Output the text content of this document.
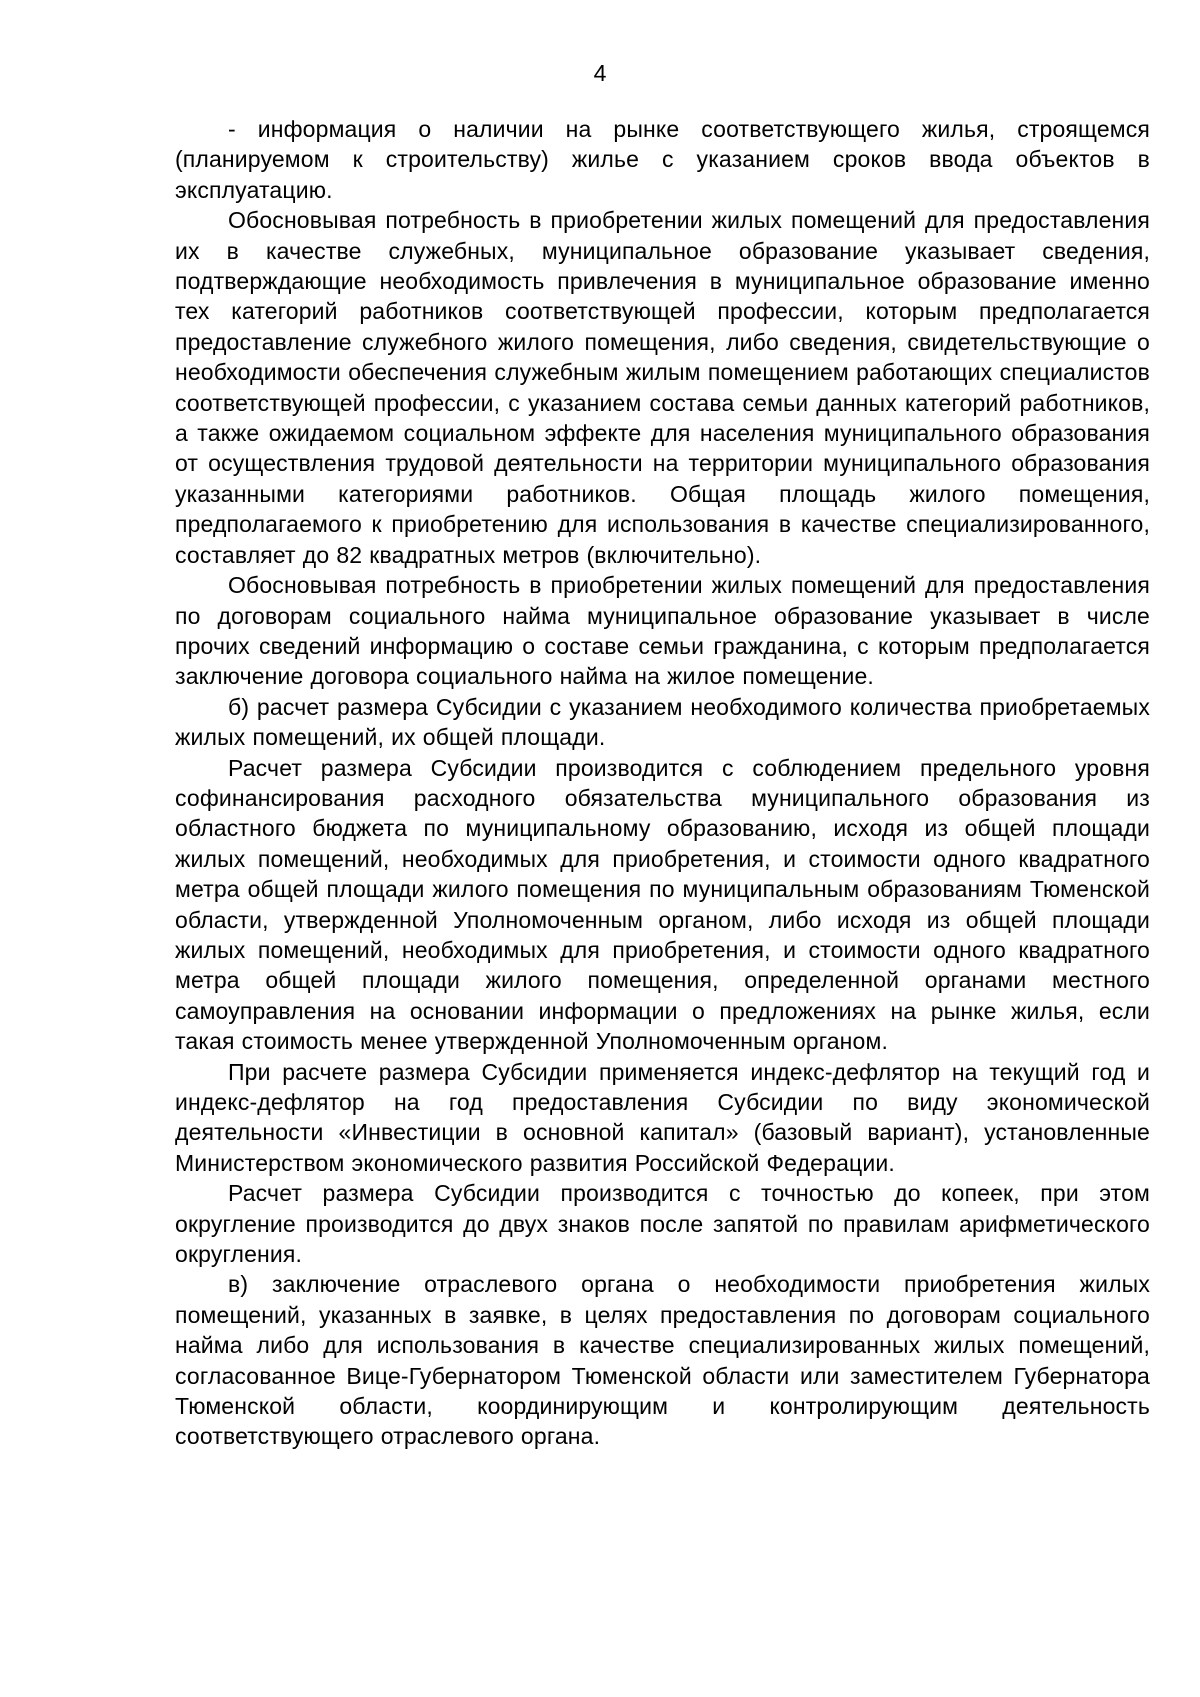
4

- информация о наличии на рынке соответствующего жилья, строящемся (планируемом к строительству) жилье с указанием сроков ввода объектов в эксплуатацию.

Обосновывая потребность в приобретении жилых помещений для предоставления их в качестве служебных, муниципальное образование указывает сведения, подтверждающие необходимость привлечения в муниципальное образование именно тех категорий работников соответствующей профессии, которым предполагается предоставление служебного жилого помещения, либо сведения, свидетельствующие о необходимости обеспечения служебным жилым помещением работающих специалистов соответствующей профессии, с указанием состава семьи данных категорий работников, а также ожидаемом социальном эффекте для населения муниципального образования от осуществления трудовой деятельности на территории муниципального образования указанными категориями работников. Общая площадь жилого помещения, предполагаемого к приобретению для использования в качестве специализированного, составляет до 82 квадратных метров (включительно).

Обосновывая потребность в приобретении жилых помещений для предоставления по договорам социального найма муниципальное образование указывает в числе прочих сведений информацию о составе семьи гражданина, с которым предполагается заключение договора социального найма на жилое помещение.

б) расчет размера Субсидии с указанием необходимого количества приобретаемых жилых помещений, их общей площади.

Расчет размера Субсидии производится с соблюдением предельного уровня софинансирования расходного обязательства муниципального образования из областного бюджета по муниципальному образованию, исходя из общей площади жилых помещений, необходимых для приобретения, и стоимости одного квадратного метра общей площади жилого помещения по муниципальным образованиям Тюменской области, утвержденной Уполномоченным органом, либо исходя из общей площади жилых помещений, необходимых для приобретения, и стоимости одного квадратного метра общей площади жилого помещения, определенной органами местного самоуправления на основании информации о предложениях на рынке жилья, если такая стоимость менее утвержденной Уполномоченным органом.

При расчете размера Субсидии применяется индекс-дефлятор на текущий год и индекс-дефлятор на год предоставления Субсидии по виду экономической деятельности «Инвестиции в основной капитал» (базовый вариант), установленные Министерством экономического развития Российской Федерации.

Расчет размера Субсидии производится с точностью до копеек, при этом округление производится до двух знаков после запятой по правилам арифметического округления.

в) заключение отраслевого органа о необходимости приобретения жилых помещений, указанных в заявке, в целях предоставления по договорам социального найма либо для использования в качестве специализированных жилых помещений, согласованное Вице-Губернатором Тюменской области или заместителем Губернатора Тюменской области, координирующим и контролирующим деятельность соответствующего отраслевого органа.
